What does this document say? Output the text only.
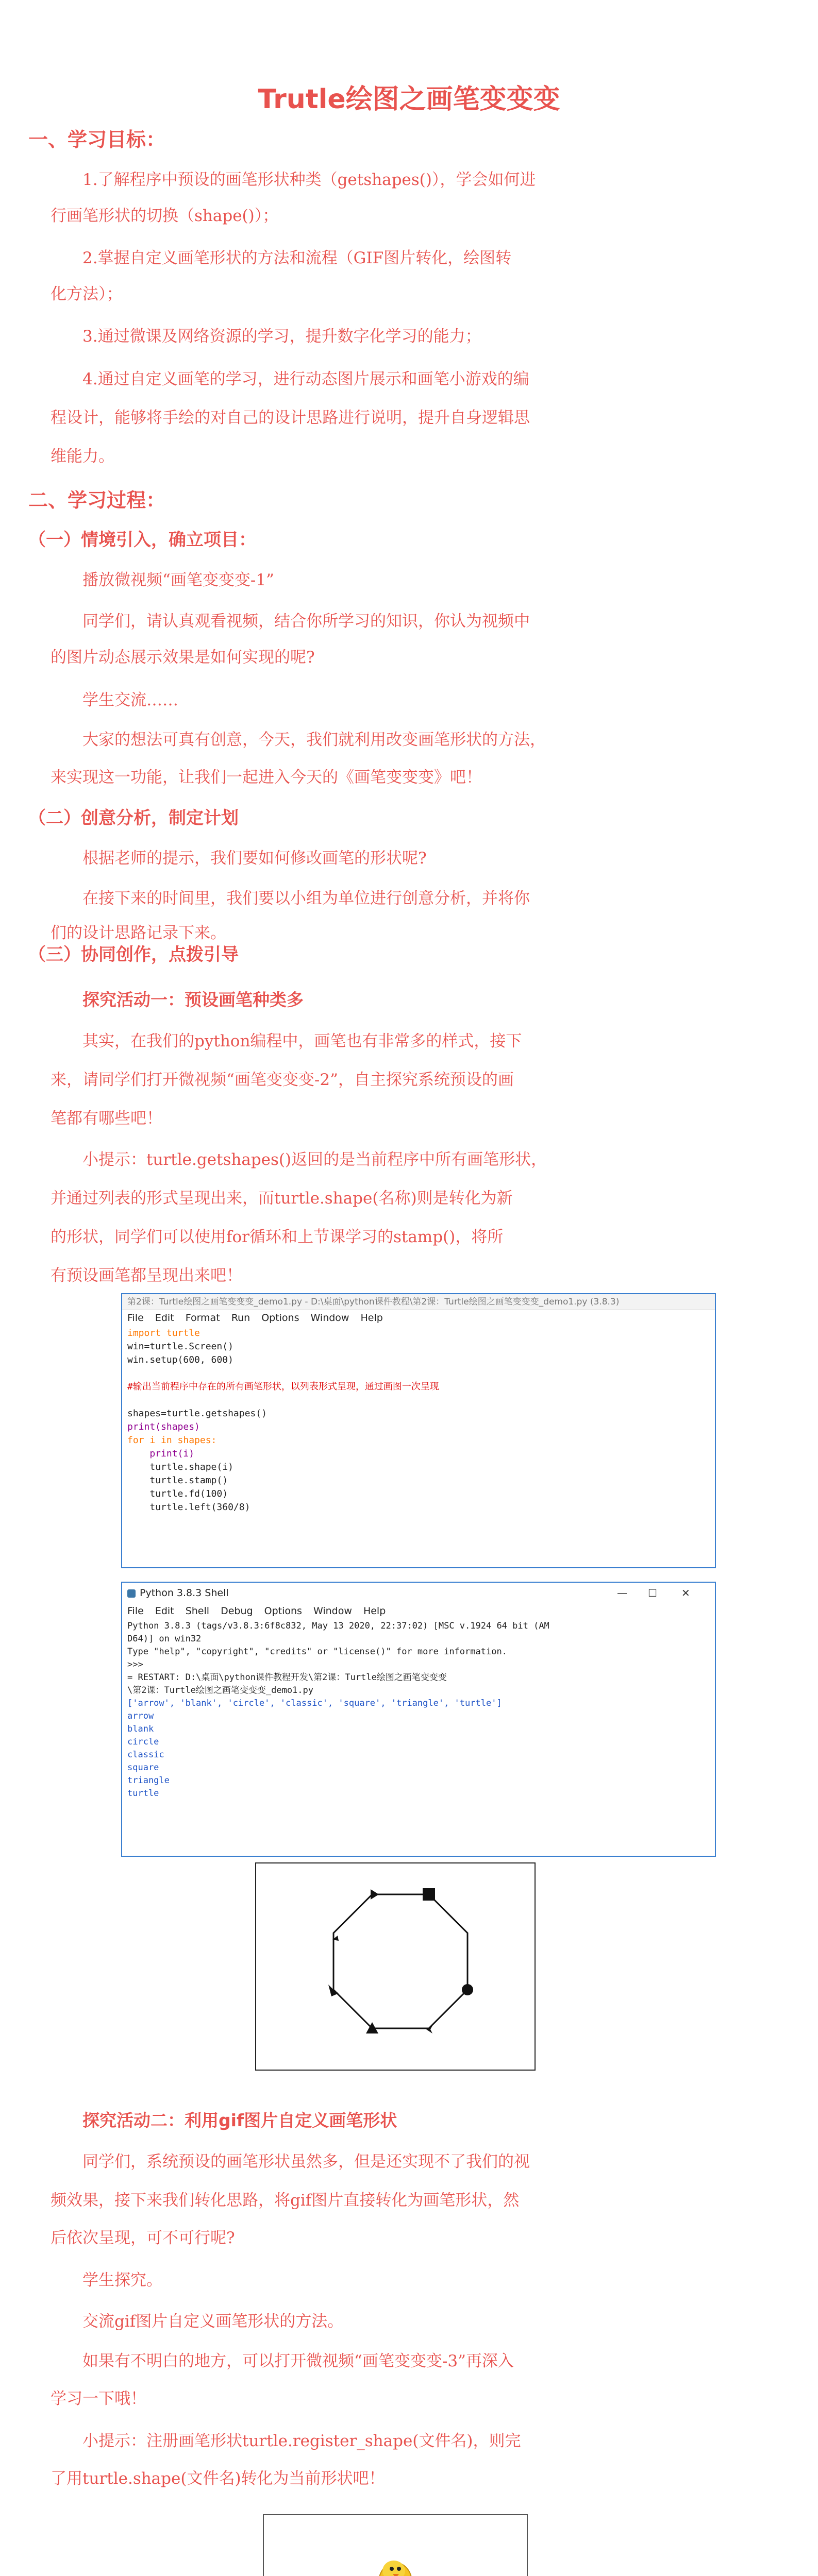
Trutle绘图之画笔变变变
一、学习目标：
1.了解程序中预设的画笔形状种类（getshapes()），学会如何进
行画笔形状的切换（shape()）；
2.掌握自定义画笔形状的方法和流程（GIF图片转化，绘图转
化方法）；
3.通过微课及网络资源的学习，提升数字化学习的能力；
4.通过自定义画笔的学习，进行动态图片展示和画笔小游戏的编
程设计，能够将手绘的对自己的设计思路进行说明，提升自身逻辑思
维能力。
二、学习过程：
（一）情境引入，确立项目：
播放微视频“画笔变变变-1”
同学们，请认真观看视频，结合你所学习的知识，你认为视频中
的图片动态展示效果是如何实现的呢?
学生交流……
大家的想法可真有创意，今天，我们就利用改变画笔形状的方法，
来实现这一功能，让我们一起进入今天的《画笔变变变》吧！
（二）创意分析，制定计划
根据老师的提示，我们要如何修改画笔的形状呢?
在接下来的时间里，我们要以小组为单位进行创意分析，并将你
们的设计思路记录下来。
（三）协同创作，点拨引导
探究活动一：预设画笔种类多
其实，在我们的python编程中，画笔也有非常多的样式，接下
来，请同学们打开微视频“画笔变变变-2”，自主探究系统预设的画
笔都有哪些吧！
小提示：turtle.getshapes()返回的是当前程序中所有画笔形状，
并通过列表的形式呈现出来，而turtle.shape(名称)则是转化为新
的形状，同学们可以使用for循环和上节课学习的stamp()，将所
有预设画笔都呈现出来吧！
第2课：Turtle绘图之画笔变变变_demo1.py - D:\桌面\python课件教程\第2课：Turtle绘图之画笔变变变_demo1.py (3.8.3)
File Edit Format Run Options Window Help
import turtle
win=turtle.Screen()
win.setup(600, 600)

#输出当前程序中存在的所有画笔形状，以列表形式呈现，通过画图一次呈现

shapes=turtle.getshapes()
print(shapes)
for i in shapes:
print(i)
turtle.shape(i)
turtle.stamp()
turtle.fd(100)
turtle.left(360/8)
Python 3.8.3 Shell	— ☐ ✕
File Edit Shell Debug Options Window Help
Python 3.8.3 (tags/v3.8.3:6f8c832, May 13 2020, 22:37:02) [MSC v.1924 64 bit (AM
D64)] on win32
Type "help", "copyright", "credits" or "license()" for more information.
>>>
= RESTART: D:\桌面\python课件教程开发\第2课：Turtle绘图之画笔变变变
\第2课：Turtle绘图之画笔变变变_demo1.py
['arrow', 'blank', 'circle', 'classic', 'square', 'triangle', 'turtle']
arrow
blank
circle
classic
square
triangle
turtle
探究活动二：利用gif图片自定义画笔形状
同学们，系统预设的画笔形状虽然多，但是还实现不了我们的视
频效果，接下来我们转化思路，将gif图片直接转化为画笔形状，然
后依次呈现，可不可行呢?
学生探究。
交流gif图片自定义画笔形状的方法。
如果有不明白的地方，可以打开微视频“画笔变变变-3”再深入
学习一下哦！
小提示：注册画笔形状turtle.register_shape(文件名)，则完
了用turtle.shape(文件名)转化为当前形状吧！
